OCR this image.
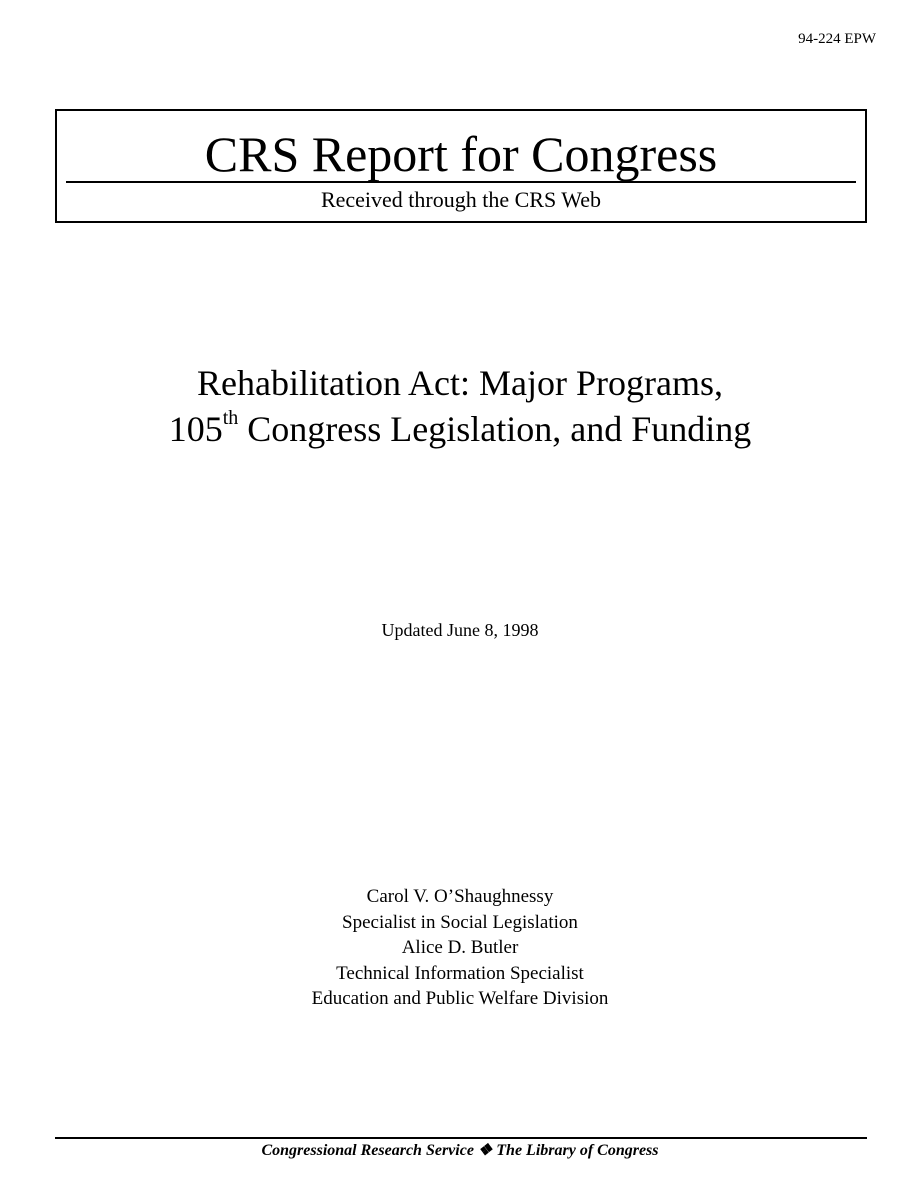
94-224 EPW
CRS Report for Congress
Received through the CRS Web
Rehabilitation Act: Major Programs,
105th Congress Legislation, and Funding
Updated June 8, 1998
Carol V. O’Shaughnessy
Specialist in Social Legislation
Alice D. Butler
Technical Information Specialist
Education and Public Welfare Division
Congressional Research Service ❖ The Library of Congress
